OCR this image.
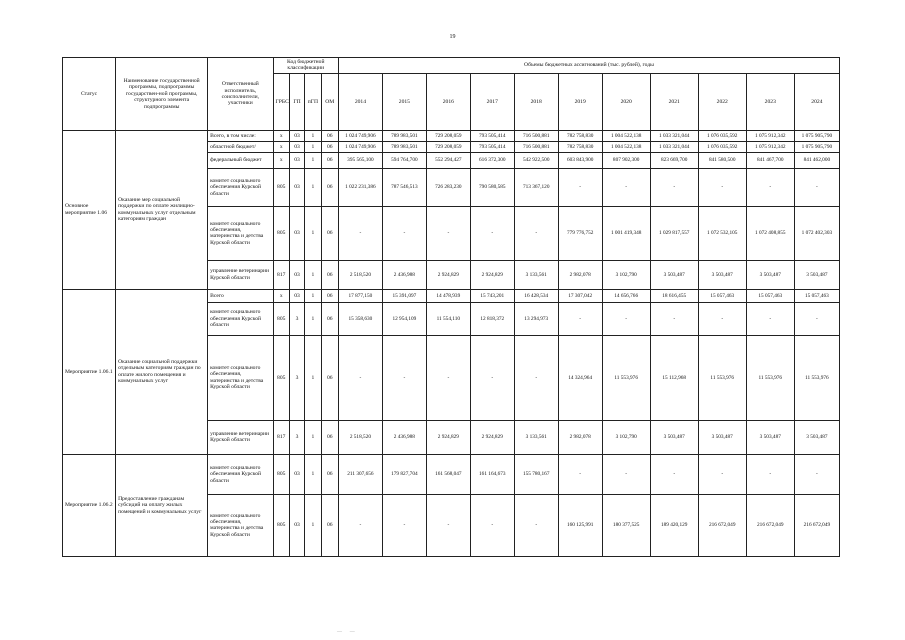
19
Статус	Наименование государственной программы, подпрограммы государствен-ной программы, структурного элемента подпрограммы	Ответственный исполнитель, соисполнители, участники	Код бюджетной классификации				Объемы бюджетных ассигнований (тыс. рублей), годы										
			ГРБС	ГП	пГП	ОМ	2014	2015	2016	2017	2018	2019	2020	2021	2022	2023	2024
Основное мероприятие 1.06	Оказание мер социальной поддержки по оплате жилищно-коммунальных услуг отдельным категориям граждан	Всего, в том числе:	х	03	1	06	1 024 749,906	789 983,501	729 208,059	793 505,414	716 500,881	782 758,830	1 004 522,138	1 033 321,044	1 076 035,592	1 075 912,342	1 075 905,790
		областной бюджет/	х	03	1	06	1 024 749,906	789 983,501	729 208,059	793 505,414	716 500,881	782 758,830	1 004 522,138	1 033 321,044	1 076 035,592	1 075 912,342	1 075 905,790
		федеральный бюджет	х	03	1	06	395 565,100	594 764,700	552 294,427	616 372,300	542 922,500	603 843,900	807 902,300	823 669,700	841 580,500	841 467,700	841 462,000
		комитет социального обеспечения Курской области	805	03	1	06	1 022 231,386	787 546,513	726 283,230	790 580,585	713 367,120	-	-	-	-	-	-
		комитет социального обеспечения, материнства и детства Курской области	805	03	1	06	-	-	-	-	-	779 776,752	1 001 419,348	1 029 817,557	1 072 532,105	1 072 408,855	1 072 402,303
		управление ветеринарии Курской области	817	03	1	06	2 518,520	2 436,988	2 924,829	2 924,829	3 133,561	2 982,078	3 102,790	3 503,487	3 503,487	3 503,487	3 503,487
Мероприятие 1.06.1	Оказание социальной поддержки отдельным категориям граждан по оплате жилого помещения и коммунальных услуг	Всего	х	03	1	06	17 877,150	15 391,097	14 478,939	15 743,201	16 428,534	17 307,042	14 656,766	18 616,455	15 057,463	15 057,463	15 057,463
		комитет социального обеспечения Курской области	805	3	1	06	15 358,630	12 954,109	11 554,110	12 818,372	13 294,973	-	-	-	-	-	-
		комитет социального обеспечения, материнства и детства Курской области	805	3	1	06	-	-	-	-	-	14 324,964	11 553,976	15 112,968	11 553,976	11 553,976	11 553,976
		управление ветеринарии Курской области	817	3	1	06	2 518,520	2 436,988	2 924,829	2 924,829	3 133,561	2 982,078	3 102,790	3 503,487	3 503,487	3 503,487	3 503,487
Мероприятие 1.06.2	Предоставление гражданам субсидий на оплату жилых помещений и коммунальных услуг	комитет социального обеспечения Курской области	805	03	1	06	211 307,656	179 827,704	161 568,047	161 164,673	155 780,167	-	-	-	-	-	-
		комитет социального обеспечения, материнства и детства Курской области	805	03	1	06	-	-	-	-	-	160 125,991	180 377,525	189 420,129	216 672,049	216 672,049	216 672,049
—   —
